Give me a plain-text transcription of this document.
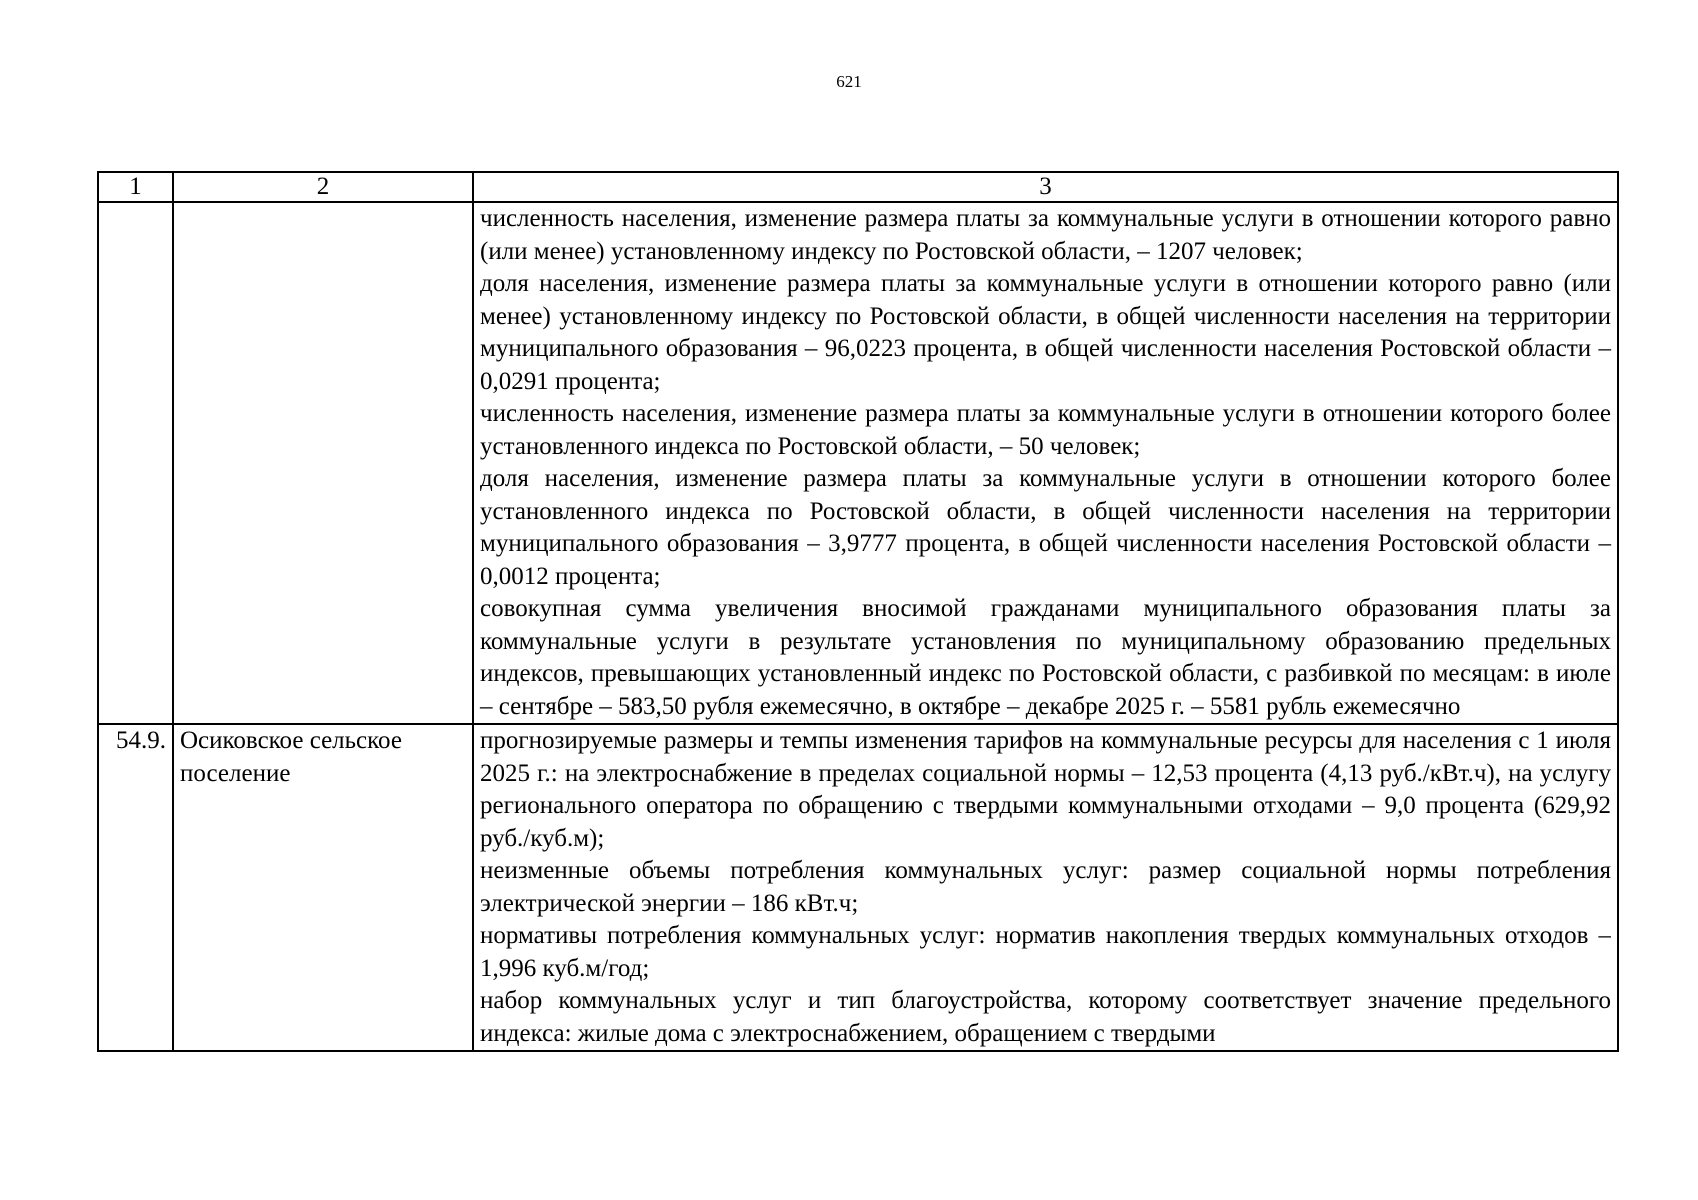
621
1	2	3

		численность населения, изменение размера платы за коммунальные услуги в отношении которого равно (или менее) установленному индексу по Ростовской области, – 1207 человек;
доля населения, изменение размера платы за коммунальные услуги в отношении которого равно (или менее) установленному индексу по Ростовской области, в общей численности населения на территории муниципального образования – 96,0223 процента, в общей численности населения Ростовской области – 0,0291 процента;
численность населения, изменение размера платы за коммунальные услуги в отношении которого более установленного индекса по Ростовской области, – 50 человек;
доля населения, изменение размера платы за коммунальные услуги в отношении которого более установленного индекса по Ростовской области, в общей численности населения на территории муниципального образования – 3,9777 процента, в общей численности населения Ростовской области – 0,0012 процента;
совокупная сумма увеличения вносимой гражданами муниципального образования платы за коммунальные услуги в результате установления по муниципальному образованию предельных индексов, превышающих установленный индекс по Ростовской области, с разбивкой по месяцам: в июле – сентябре – 583,50 рубля ежемесячно, в октябре – декабре 2025 г. – 5581 рубль ежемесячно

54.9.	Осиковское сельское поселение	прогнозируемые размеры и темпы изменения тарифов на коммунальные ресурсы для населения с 1 июля 2025 г.: на электроснабжение в пределах социальной нормы – 12,53 процента (4,13 руб./кВт.ч), на услугу регионального оператора по обращению с твердыми коммунальными отходами – 9,0 процента (629,92 руб./куб.м);
неизменные объемы потребления коммунальных услуг: размер социальной нормы потребления электрической энергии – 186 кВт.ч;
нормативы потребления коммунальных услуг: норматив накопления твердых коммунальных отходов – 1,996 куб.м/год;
набор коммунальных услуг и тип благоустройства, которому соответствует значение предельного индекса: жилые дома с электроснабжением, обращением с твердыми
